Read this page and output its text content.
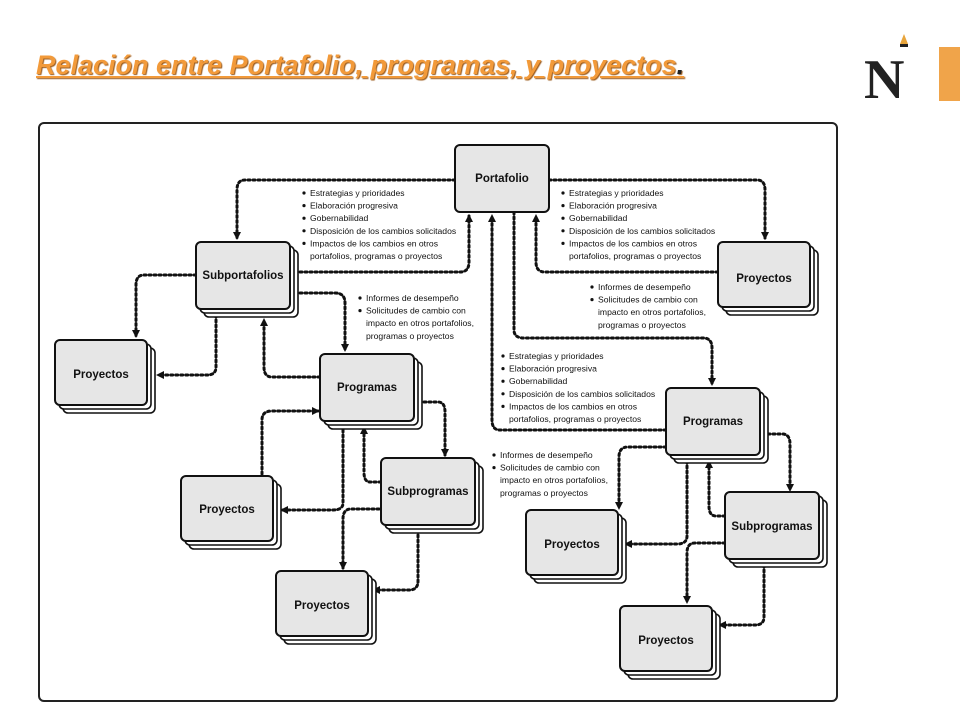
Relación entre Portafolio, programas, y proyectos.	N
Portafolio
Subportafolios	Proyectos
Proyectos
Programas
Proyectos
Subprogramas
Proyectos
Programas
Proyectos
Subprogramas
Proyectos
Estrategias y prioridades
Elaboración progresiva
Gobernabilidad
Disposición de los cambios solicitados
Impactos de los cambios en otros
portafolios, programas o proyectos
Estrategias y prioridades
Elaboración progresiva
Gobernabilidad
Disposición de los cambios solicitados
Impactos de los cambios en otros
portafolios, programas o proyectos
Informes de desempeño
Solicitudes de cambio con
impacto en otros portafolios,
programas o proyectos
Informes de desempeño
Solicitudes de cambio con
impacto en otros portafolios,
programas o proyectos
Estrategias y prioridades
Elaboración progresiva
Gobernabilidad
Disposición de los cambios solicitados
Impactos de los cambios en otros
portafolios, programas o proyectos
Informes de desempeño
Solicitudes de cambio con
impacto en otros portafolios,
programas o proyectos
